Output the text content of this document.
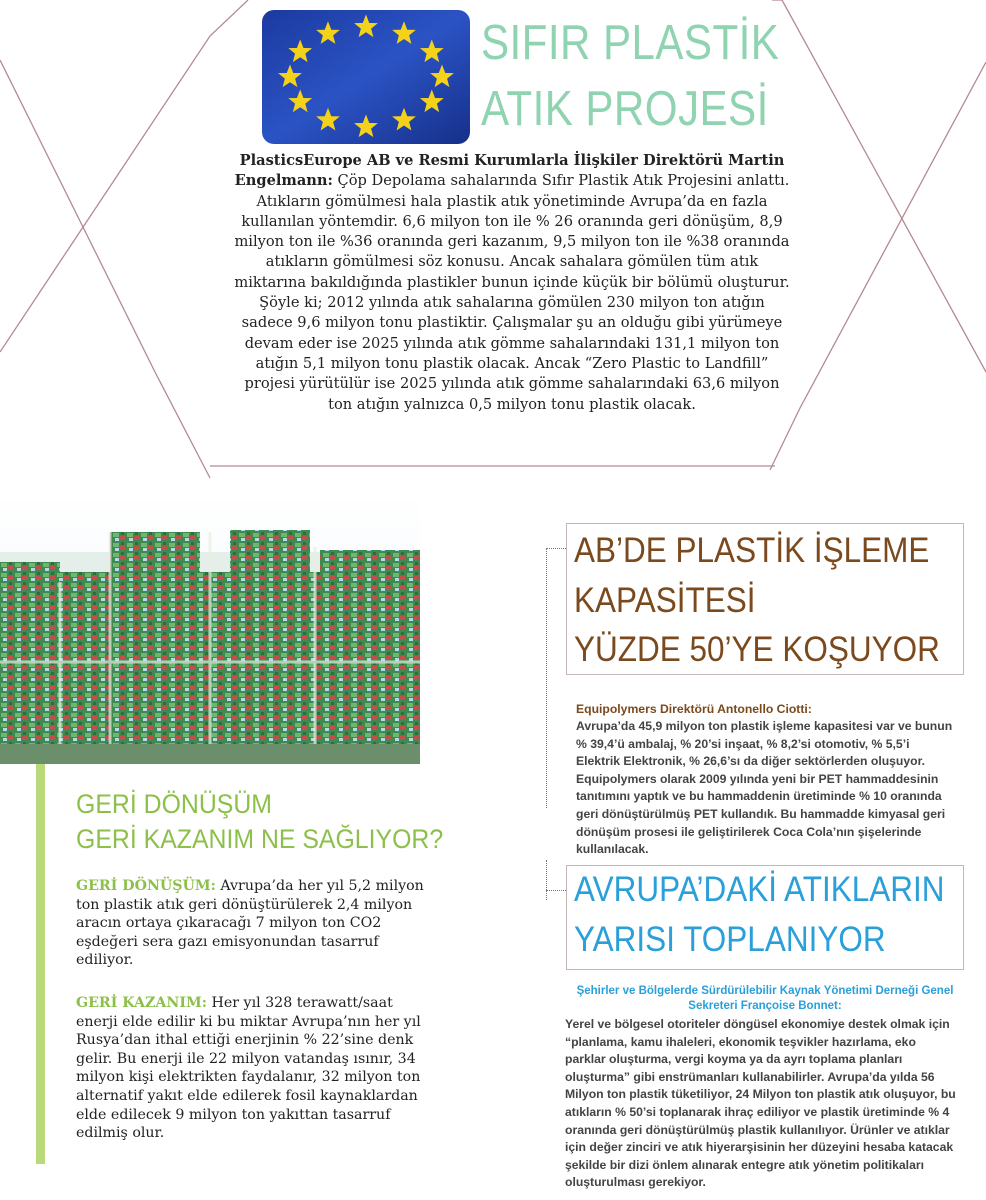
SIFIR PLASTİK
ATIK PROJESİ
PlasticsEurope AB ve Resmi Kurumlarla İlişkiler Direktörü Martin Engelmann: Çöp Depolama sahalarında Sıfır Plastik Atık Projesini anlattı. Atıkların gömülmesi hala plastik atık yönetiminde Avrupa’da en fazla kullanılan yöntemdir. 6,6 milyon ton ile % 26 oranında geri dönüşüm, 8,9 milyon ton ile %36 oranında geri kazanım, 9,5 milyon ton ile %38 oranında atıkların gömülmesi söz konusu. Ancak sahalara gömülen tüm atık miktarına bakıldığında plastikler bunun içinde küçük bir bölümü oluşturur. Şöyle ki; 2012 yılında atık sahalarına gömülen 230 milyon ton atığın sadece 9,6 milyon tonu plastiktir. Çalışmalar şu an olduğu gibi yürümeye devam eder ise 2025 yılında atık gömme sahalarındaki 131,1 milyon ton atığın 5,1 milyon tonu plastik olacak. Ancak “Zero Plastic to Landfill” projesi yürütülür ise 2025 yılında atık gömme sahalarındaki 63,6 milyon ton atığın yalnızca 0,5 milyon tonu plastik olacak.
GERİ DÖNÜŞÜM
GERİ KAZANIM NE SAĞLIYOR?
GERİ DÖNÜŞÜM: Avrupa’da her yıl 5,2 milyon ton plastik atık geri dönüştürülerek 2,4 milyon aracın ortaya çıkaracağı 7 milyon ton CO2 eşdeğeri sera gazı emisyonundan tasarruf ediliyor.
GERİ KAZANIM: Her yıl 328 terawatt/saat enerji elde edilir ki bu miktar Avrupa’nın her yıl Rusya’dan ithal ettiği enerjinin % 22’sine denk gelir. Bu enerji ile 22 milyon vatandaş ısınır, 34 milyon kişi elektrikten faydalanır, 32 milyon ton alternatif yakıt elde edilerek fosil kaynaklardan elde edilecek 9 milyon ton yakıttan tasarruf edilmiş olur.
AB’DE PLASTİK İŞLEME
KAPASİTESİ
YÜZDE 50’YE KOŞUYOR
Equipolymers Direktörü Antonello Ciotti:
Avrupa’da 45,9 milyon ton plastik işleme kapasitesi var ve bunun % 39,4’ü ambalaj, % 20’si inşaat, % 8,2’si otomotiv, % 5,5’i Elektrik Elektronik, % 26,6’sı da diğer sektörlerden oluşuyor. Equipolymers olarak 2009 yılında yeni bir PET hammaddesinin tanıtımını yaptık ve bu hammaddenin üretiminde % 10 oranında geri dönüştürülmüş PET kullandık. Bu hammadde kimyasal geri dönüşüm prosesi ile geliştirilerek Coca Cola’nın şişelerinde kullanılacak.
AVRUPA’DAKİ ATIKLARIN
YARISI TOPLANIYOR
Şehirler ve Bölgelerde Sürdürülebilir Kaynak Yönetimi Derneği Genel Sekreteri Françoise Bonnet:
Yerel ve bölgesel otoriteler döngüsel ekonomiye destek olmak için “planlama, kamu ihaleleri, ekonomik teşvikler hazırlama, eko parklar oluşturma, vergi koyma ya da ayrı toplama planları oluşturma” gibi enstrümanları kullanabilirler. Avrupa’da yılda 56 Milyon ton plastik tüketiliyor, 24 Milyon ton plastik atık oluşuyor, bu atıkların % 50’si toplanarak ihraç ediliyor ve plastik üretiminde % 4 oranında geri dönüştürülmüş plastik kullanılıyor. Ürünler ve atıklar için değer zinciri ve atık hiyerarşisinin her düzeyini hesaba katacak şekilde bir dizi önlem alınarak entegre atık yönetim politikaları oluşturulması gerekiyor.
